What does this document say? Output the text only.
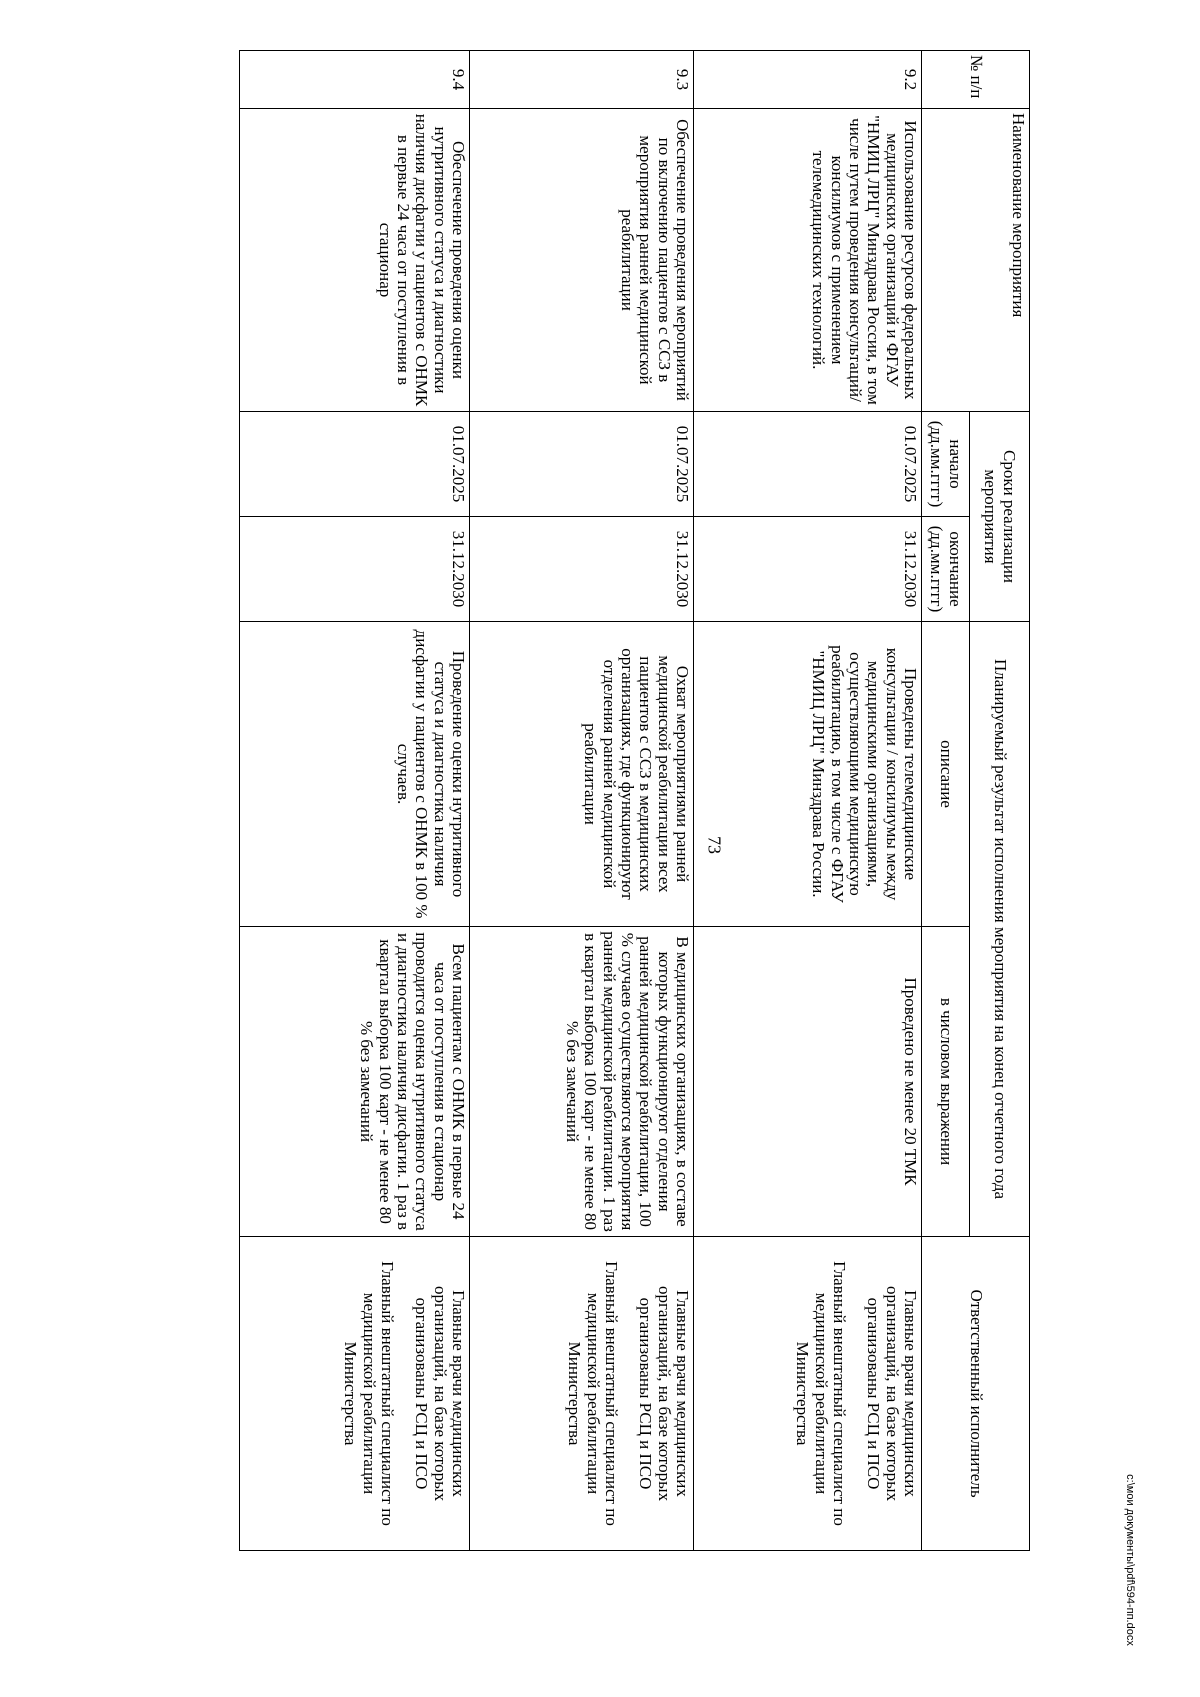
73
№ п/п	Наименование мероприятия	Сроки реализации мероприятия		Планируемый результат исполнения мероприятия на конец отчетного года		Ответственный исполнитель
		начало (дд.мм.гггг)	окончание (дд.мм.гггг)	описание	в числовом выражении	
9.2	Использование ресурсов федеральных медицинских организаций и ФГАУ "НМИЦ ЛРЦ" Минздрава России, в том числе путем проведения консультаций/ консилиумов с применением телемедицинских технологий.	01.07.2025	31.12.2030	Проведены телемедицинские консультации / консилиумы между медицинскими организациями, осуществляющими медицинскую реабилитацию, в том числе с ФГАУ "НМИЦ ЛРЦ" Минздрава России.	Проведено не менее 20 ТМК	Главные врачи медицинских организаций, на базе которых организованы РСЦ и ПСО
Главный внештатный специалист по медицинской реабилитации Министерства

9.3	Обеспечение проведения мероприятий по включению пациентов с ССЗ в мероприятия ранней медицинской реабилитации	01.07.2025	31.12.2030	Охват мероприятиями ранней медицинской реабилитации всех пациентов с ССЗ в медицинских организациях, где функционируют отделения ранней медицинской реабилитации	В медицинских организациях, в составе которых функционируют отделения ранней медицинской реабилитации, 100 % случаев осуществляются мероприятия ранней медицинской реабилитации. 1 раз в квартал выборка 100 карт - не менее 80 % без замечаний	Главные врачи медицинских организаций, на базе которых организованы РСЦ и ПСО
Главный внештатный специалист по медицинской реабилитации Министерства

9.4	Обеспечение проведения оценки нутритивного статуса и диагностики наличия дисфагии у пациентов с ОНМК в первые 24 часа от поступления в стационар	01.07.2025	31.12.2030	Проведение оценки нутритивного статуса и диагностика наличия дисфагии у пациентов с ОНМК в 100 % случаев.	Всем пациентам с ОНМК в первые 24 часа от поступления в стационар проводится оценка нутритивного статуса и диагностика наличия дисфагии. 1 раз в квартал выборка 100 карт - не менее 80 % без замечаний	Главные врачи медицинских организаций, на базе которых организованы РСЦ и ПСО
Главный внештатный специалист по медицинской реабилитации Министерства
c:\мои документы\pdf\594-пп.docx
